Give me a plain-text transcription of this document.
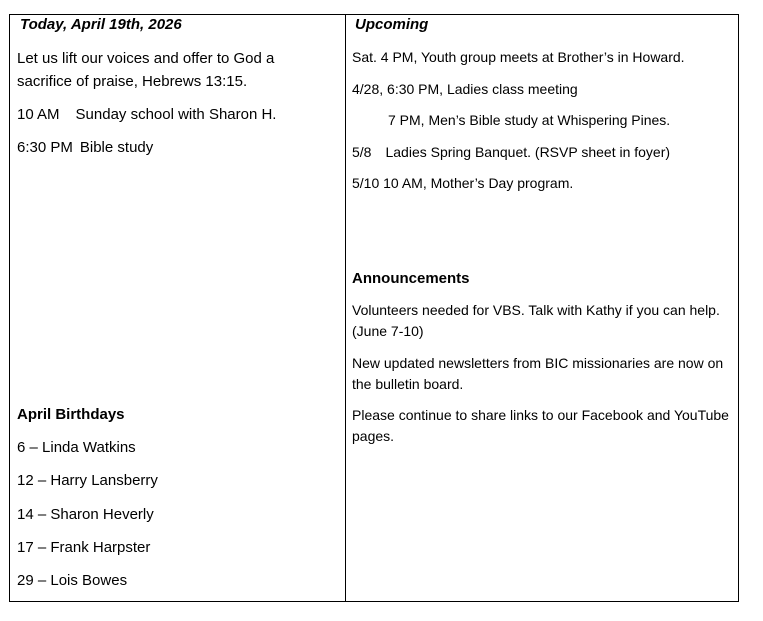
Today, April 19th, 2026
Let us lift our voices and offer to God a
sacrifice of praise, Hebrews 13:15.
10 AM Sunday school with Sharon H.
6:30 PM Bible study
April Birthdays
6 – Linda Watkins
12 – Harry Lansberry
14 – Sharon Heverly
17 – Frank Harpster
29 – Lois Bowes
Upcoming
Sat. 4 PM, Youth group meets at Brother’s in Howard.
4/28, 6:30 PM, Ladies class meeting
7 PM, Men’s Bible study at Whispering Pines.
5/8 Ladies Spring Banquet. (RSVP sheet in foyer)
5/10 10 AM, Mother’s Day program.
Announcements
Volunteers needed for VBS. Talk with Kathy if you can help.
(June 7-10)
New updated newsletters from BIC missionaries are now on
the bulletin board.
Please continue to share links to our Facebook and YouTube
pages.
